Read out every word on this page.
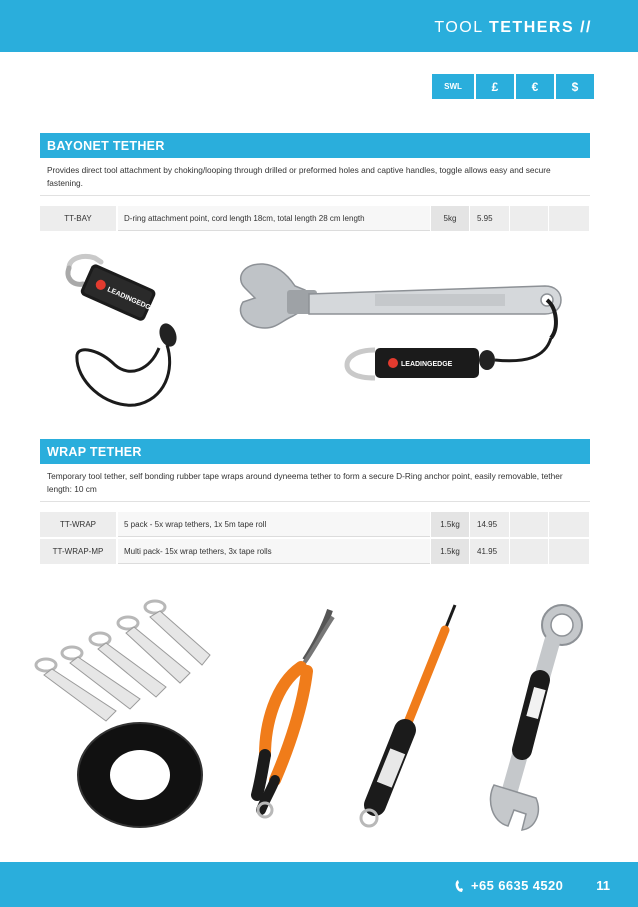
TOOL TETHERS //
SWL	£	€	$
BAYONET TETHER
Provides direct tool attachment by choking/looping through drilled or preformed holes and captive handles, toggle allows easy and secure fastening.
TT-BAY	D-ring attachment point, cord length 18cm, total length 28 cm length	5kg	5.95
LEADINGEDGE
LEADINGEDGE
WRAP TETHER
Temporary tool tether, self bonding rubber tape wraps around dyneema tether to form a secure D-Ring anchor point, easily removable, tether length: 10 cm
TT-WRAP	5 pack - 5x wrap tethers, 1x 5m tape roll	1.5kg	14.95
TT-WRAP-MP	Multi pack- 15x wrap tethers, 3x tape rolls	1.5kg	41.95
+65 6635 4520	11
